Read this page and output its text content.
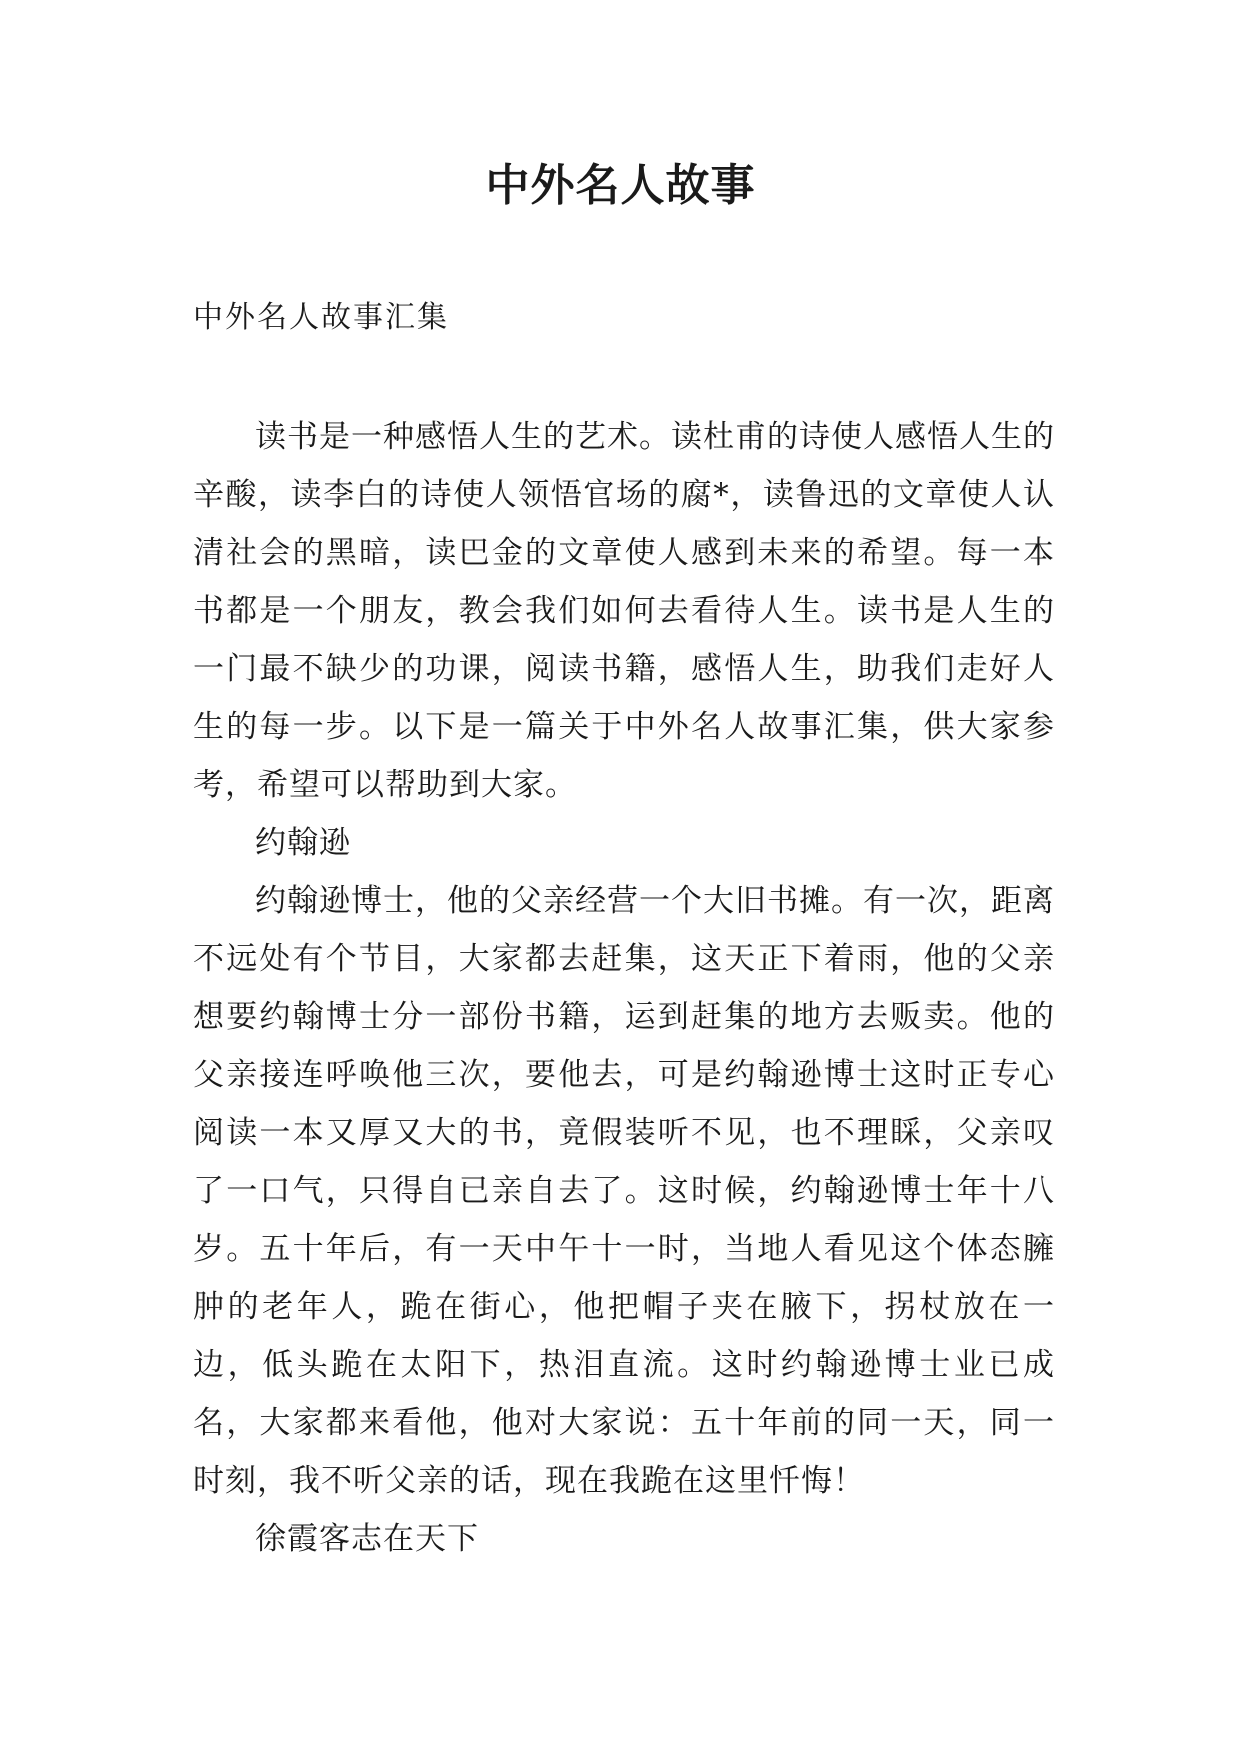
中外名人故事

中外名人故事汇集

读书是一种感悟人生的艺术。读杜甫的诗使人感悟人生的辛酸，读李白的诗使人领悟官场的腐*，读鲁迅的文章使人认清社会的黑暗，读巴金的文章使人感到未来的希望。每一本书都是一个朋友，教会我们如何去看待人生。读书是人生的一门最不缺少的功课，阅读书籍，感悟人生，助我们走好人生的每一步。以下是一篇关于中外名人故事汇集，供大家参考，希望可以帮助到大家。

约翰逊

约翰逊博士，他的父亲经营一个大旧书摊。有一次，距离不远处有个节目，大家都去赶集，这天正下着雨，他的父亲想要约翰博士分一部份书籍，运到赶集的地方去贩卖。他的父亲接连呼唤他三次，要他去，可是约翰逊博士这时正专心阅读一本又厚又大的书，竟假装听不见，也不理睬，父亲叹了一口气，只得自已亲自去了。这时候，约翰逊博士年十八岁。五十年后，有一天中午十一时，当地人看见这个体态臃肿的老年人，跪在街心，他把帽子夹在腋下，拐杖放在一边，低头跪在太阳下，热泪直流。这时约翰逊博士业已成名，大家都来看他，他对大家说：五十年前的同一天，同一时刻，我不听父亲的话，现在我跪在这里忏悔！

徐霞客志在天下
